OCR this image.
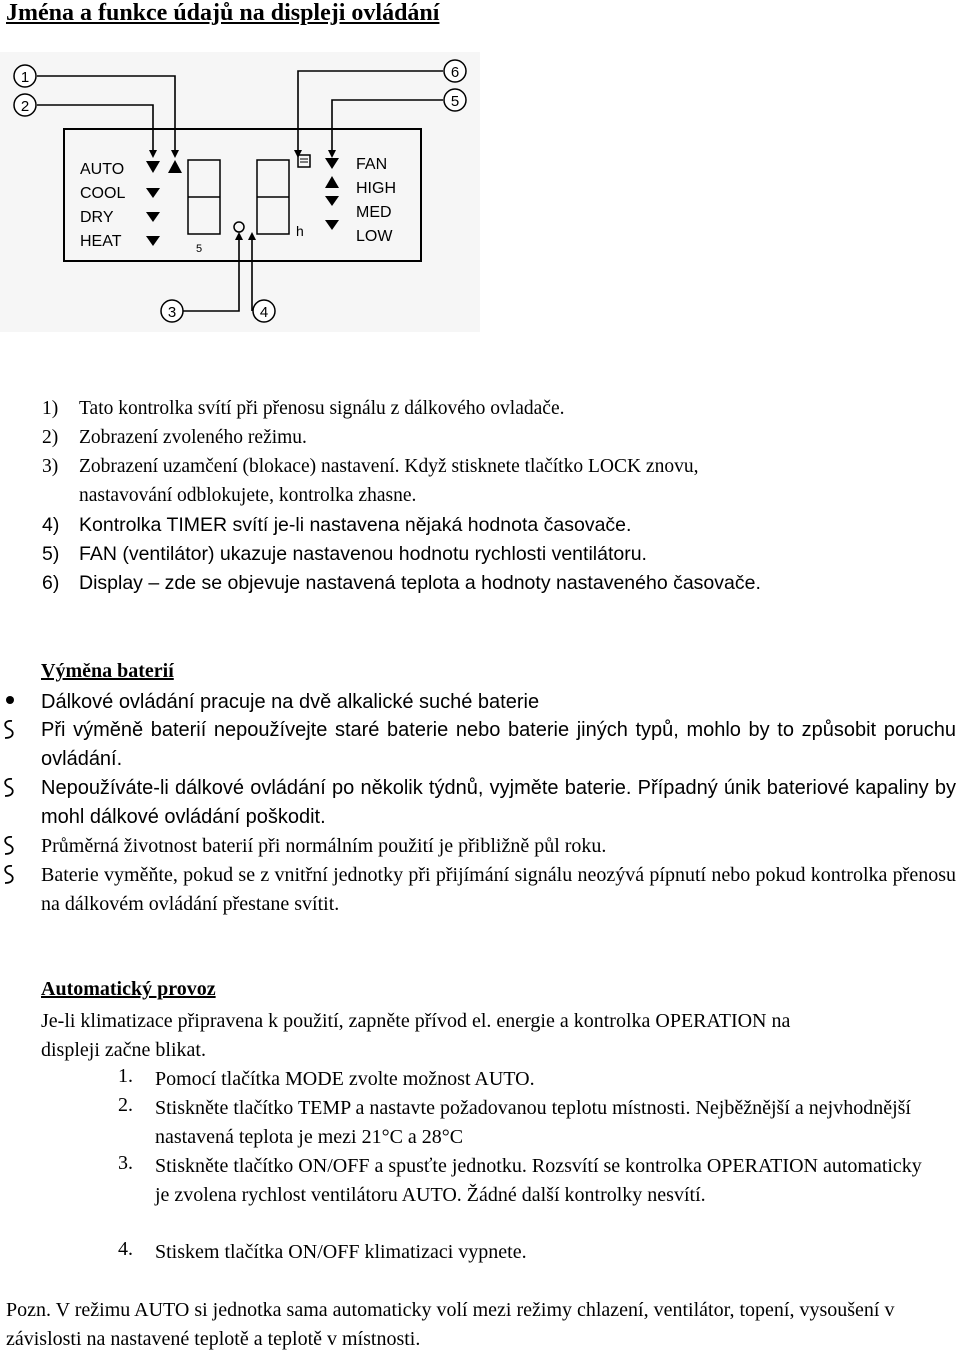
Jména a funkce údajů na displeji ovládání
AUTO
COOL
DRY
HEAT	5
h
FAN
HIGH
MED
LOW
1
2
3	4
5
6
1) Tato kontrolka svítí při přenosu signálu z dálkového ovladače.
2) Zobrazení zvoleného režimu.
3) Zobrazení uzamčení (blokace) nastavení. Když stisknete tlačítko LOCK znovu,
nastavování odblokujete, kontrolka zhasne.
4) Kontrolka TIMER svítí je-li nastavena nějaká hodnota časovače.
5) FAN (ventilátor) ukazuje nastavenou hodnotu rychlosti ventilátoru.
6) Display – zde se objevuje nastavená teplota a hodnoty nastaveného časovače.
Výměna baterií
Dálkové ovládání pracuje na dvě alkalické suché baterie
Při výměně baterií nepoužívejte staré baterie nebo baterie jiných typů, mohlo by to způsobit poruchu ovládání.
Nepoužíváte-li dálkové ovládání po několik týdnů, vyjměte baterie. Případný únik bateriové kapaliny by mohl dálkové ovládání poškodit.
Průměrná životnost baterií při normálním použití je přibližně půl roku.
Baterie vyměňte, pokud se z vnitřní jednotky při přijímání signálu neozývá pípnutí nebo pokud kontrolka přenosu na dálkovém ovládání přestane svítit.
Automatický provoz
Je-li klimatizace připravena k použití, zapněte přívod el. energie a kontrolka OPERATION na displeji začne blikat.
1. Pomocí tlačítka MODE zvolte možnost AUTO.
2. Stiskněte tlačítko TEMP a nastavte požadovanou teplotu místnosti. Nejběžnější a nejvhodnější nastavená teplota je mezi 21°C a 28°C
3. Stiskněte tlačítko ON/OFF a spusťte jednotku. Rozsvítí se kontrolka OPERATION automaticky je zvolena rychlost ventilátoru AUTO. Žádné další kontrolky nesvítí.
4. Stiskem tlačítka ON/OFF klimatizaci vypnete.
Pozn. V režimu AUTO si jednotka sama automaticky volí mezi režimy chlazení, ventilátor, topení, vysoušení v závislosti na nastavené teplotě a teplotě v místnosti.
